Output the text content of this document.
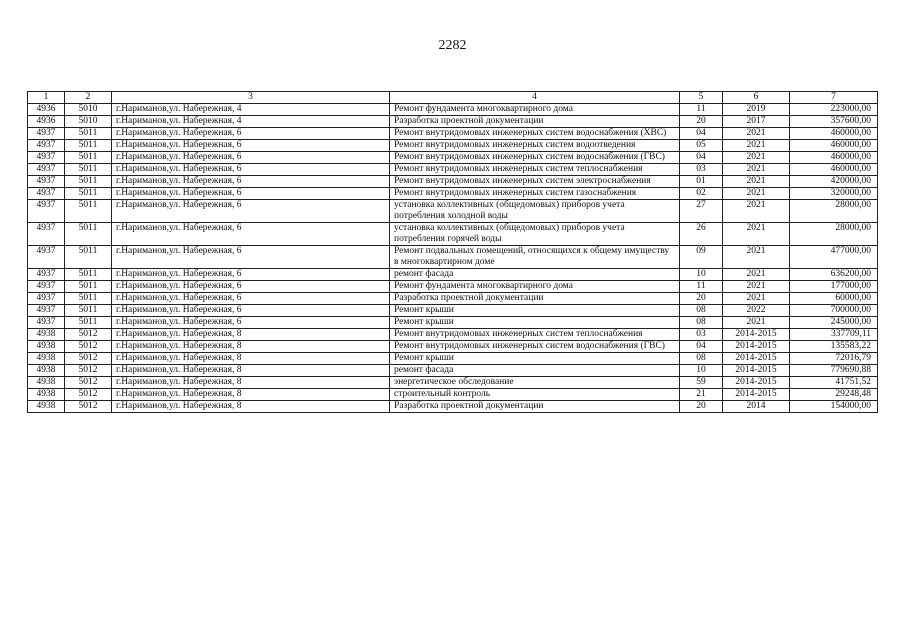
2282
1	2	3	4	5	6	7
4936	5010	г.Нариманов,ул. Набережная, 4	Ремонт фундамента многоквартирного дома	11	2019	223000,00
4936	5010	г.Нариманов,ул. Набережная, 4	Разработка проектной документации	20	2017	357600,00
4937	5011	г.Нариманов,ул. Набережная, 6	Ремонт внутридомовых инженерных систем водоснабжения (ХВС)	04	2021	460000,00
4937	5011	г.Нариманов,ул. Набережная, 6	Ремонт внутридомовых инженерных систем водоотведения	05	2021	460000,00
4937	5011	г.Нариманов,ул. Набережная, 6	Ремонт внутридомовых инженерных систем водоснабжения (ГВС)	04	2021	460000,00
4937	5011	г.Нариманов,ул. Набережная, 6	Ремонт внутридомовых инженерных систем теплоснабжения	03	2021	460000,00
4937	5011	г.Нариманов,ул. Набережная, 6	Ремонт внутридомовых инженерных систем электроснабжения	01	2021	420000,00
4937	5011	г.Нариманов,ул. Набережная, 6	Ремонт внутридомовых инженерных систем газоснабжения	02	2021	320000,00
4937	5011	г.Нариманов,ул. Набережная, 6	установка коллективных (общедомовых) приборов учета потребления холодной воды	27	2021	28000,00
4937	5011	г.Нариманов,ул. Набережная, 6	установка коллективных (общедомовых) приборов учета потребления горячей воды	26	2021	28000,00
4937	5011	г.Нариманов,ул. Набережная, 6	Ремонт подвальных помещений, относящихся к общему имуществу в многоквартирном доме	09	2021	477000,00
4937	5011	г.Нариманов,ул. Набережная, 6	ремонт фасада	10	2021	636200,00
4937	5011	г.Нариманов,ул. Набережная, 6	Ремонт фундамента многоквартирного дома	11	2021	177000,00
4937	5011	г.Нариманов,ул. Набережная, 6	Разработка проектной документации	20	2021	60000,00
4937	5011	г.Нариманов,ул. Набережная, 6	Ремонт крыши	08	2022	700000,00
4937	5011	г.Нариманов,ул. Набережная, 6	Ремонт крыши	08	2021	245000,00
4938	5012	г.Нариманов,ул. Набережная, 8	Ремонт внутридомовых инженерных систем теплоснабжения	03	2014-2015	337709,11
4938	5012	г.Нариманов,ул. Набережная, 8	Ремонт внутридомовых инженерных систем водоснабжения (ГВС)	04	2014-2015	135583,22
4938	5012	г.Нариманов,ул. Набережная, 8	Ремонт крыши	08	2014-2015	72016,79
4938	5012	г.Нариманов,ул. Набережная, 8	ремонт фасада	10	2014-2015	779690,88
4938	5012	г.Нариманов,ул. Набережная, 8	энергетическое обследование	59	2014-2015	41751,52
4938	5012	г.Нариманов,ул. Набережная, 8	строительный контроль	21	2014-2015	29248,48
4938	5012	г.Нариманов,ул. Набережная, 8	Разработка проектной документации	20	2014	154000,00
